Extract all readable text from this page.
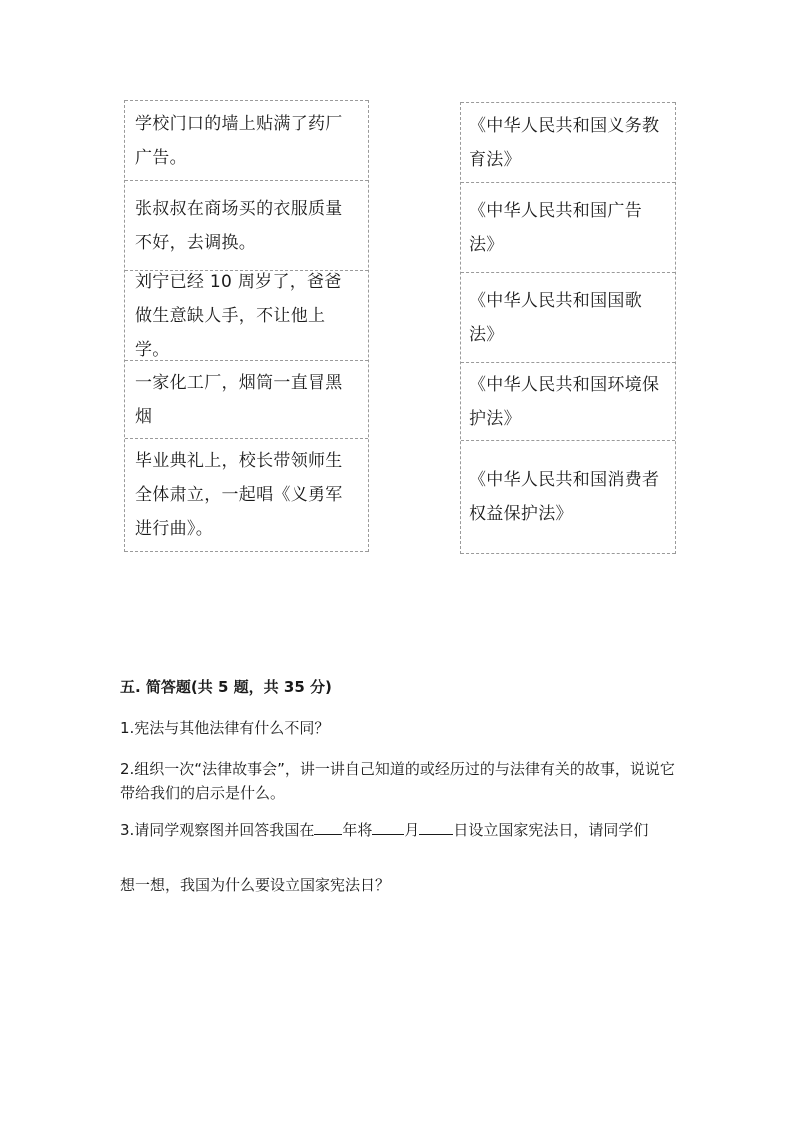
学校门口的墙上贴满了药厂广告。
张叔叔在商场买的衣服质量不好，去调换。
刘宁已经 10 周岁了，爸爸做生意缺人手，不让他上学。
一家化工厂，烟筒一直冒黑烟
毕业典礼上，校长带领师生全体肃立，一起唱《义勇军进行曲》。
《中华人民共和国义务教育法》
《中华人民共和国广告法》
《中华人民共和国国歌法》
《中华人民共和国环境保护法》
《中华人民共和国消费者权益保护法》
五. 简答题(共 5 题，共 35 分)

1.宪法与其他法律有什么不同？

2.组织一次“法律故事会”，讲一讲自己知道的或经历过的与法律有关的故事，说说它带给我们的启示是什么。

3.请同学观察图并回答我国在 年将 月 日设立国家宪法日，请同学们

想一想，我国为什么要设立国家宪法日？
